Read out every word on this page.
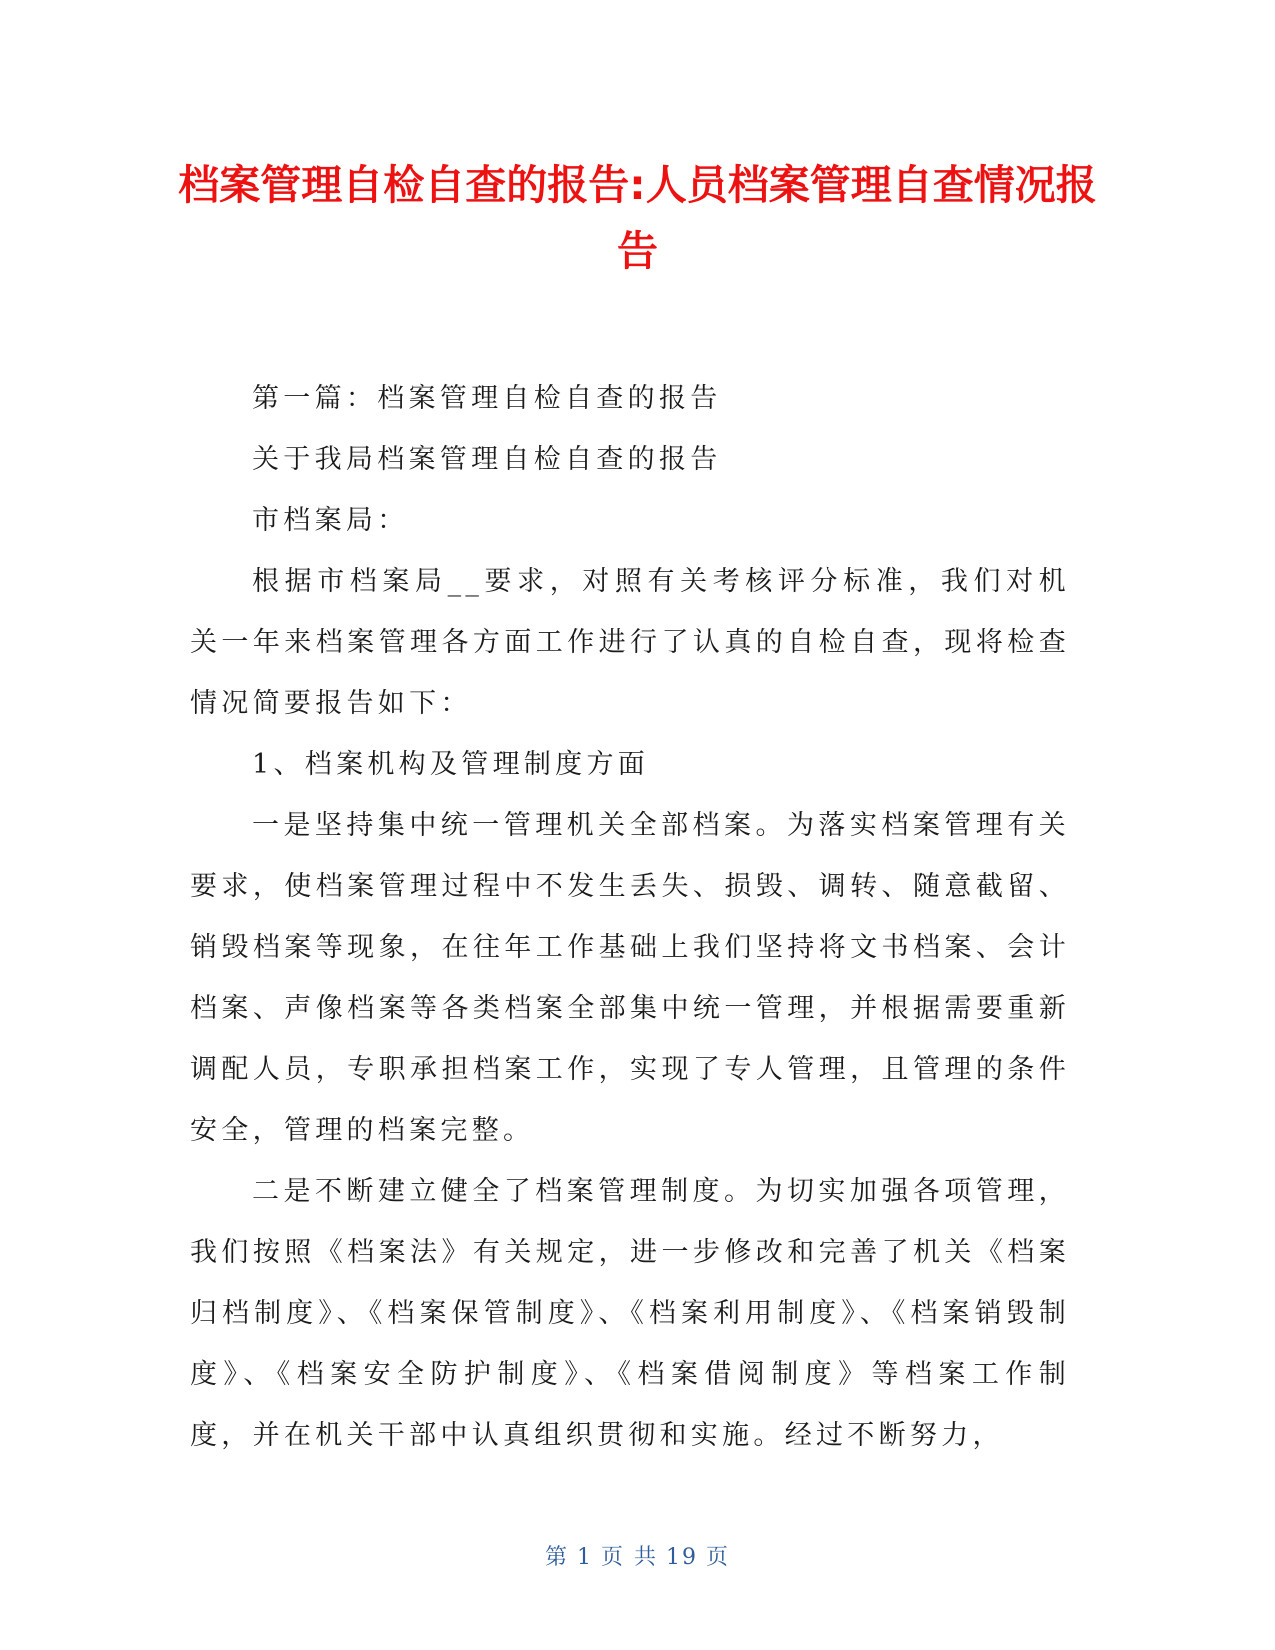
档案管理自检自查的报告:人员档案管理自查情况报告

第一篇：档案管理自检自查的报告

关于我局档案管理自检自查的报告

市档案局：

根据市档案局__要求，对照有关考核评分标准，我们对机关一年来档案管理各方面工作进行了认真的自检自查，现将检查情况简要报告如下：

1、档案机构及管理制度方面

一是坚持集中统一管理机关全部档案。为落实档案管理有关要求，使档案管理过程中不发生丢失、损毁、调转、随意截留、销毁档案等现象，在往年工作基础上我们坚持将文书档案、会计档案、声像档案等各类档案全部集中统一管理，并根据需要重新调配人员，专职承担档案工作，实现了专人管理，且管理的条件安全，管理的档案完整。

二是不断建立健全了档案管理制度。为切实加强各项管理，我们按照《档案法》有关规定，进一步修改和完善了机关《档案归档制度》、《档案保管制度》、《档案利用制度》、《档案销毁制度》、《档案安全防护制度》、《档案借阅制度》等档案工作制度，并在机关干部中认真组织贯彻和实施。经过不断努力，

第 1 页 共 19 页
